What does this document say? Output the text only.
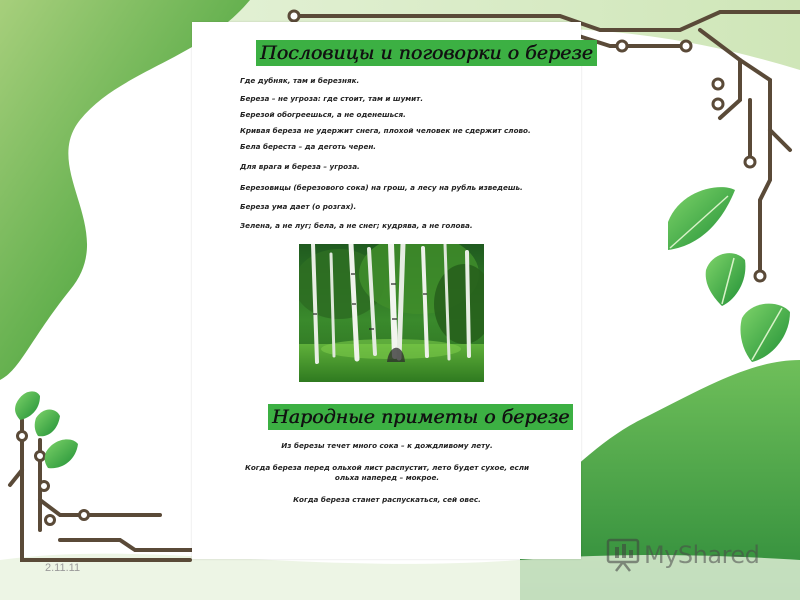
Пословицы и поговорки о березе
Где дубняк, там и березняк.
Береза – не угроза: где стоит, там и шумит.
Березой обогреешься, а не оденешься.
Кривая береза не удержит снега, плохой человек не сдержит слово.
Бела береста – да деготь черен.
Для врага и береза – угроза.
Березовицы (березового сока) на грош, а лесу на рубль изведешь.
Береза ума дает (о розгах).
Зелена, а не луг; бела, а не снег; кудрява, а не голова.
Народные приметы о березе
Из березы течет много сока – к дождливому лету.
Когда береза перед ольхой лист распустит, лето будет сухое, если ольха наперед – мокрое.
Когда береза станет распускаться, сей овес.
2.11.11	MyShared
